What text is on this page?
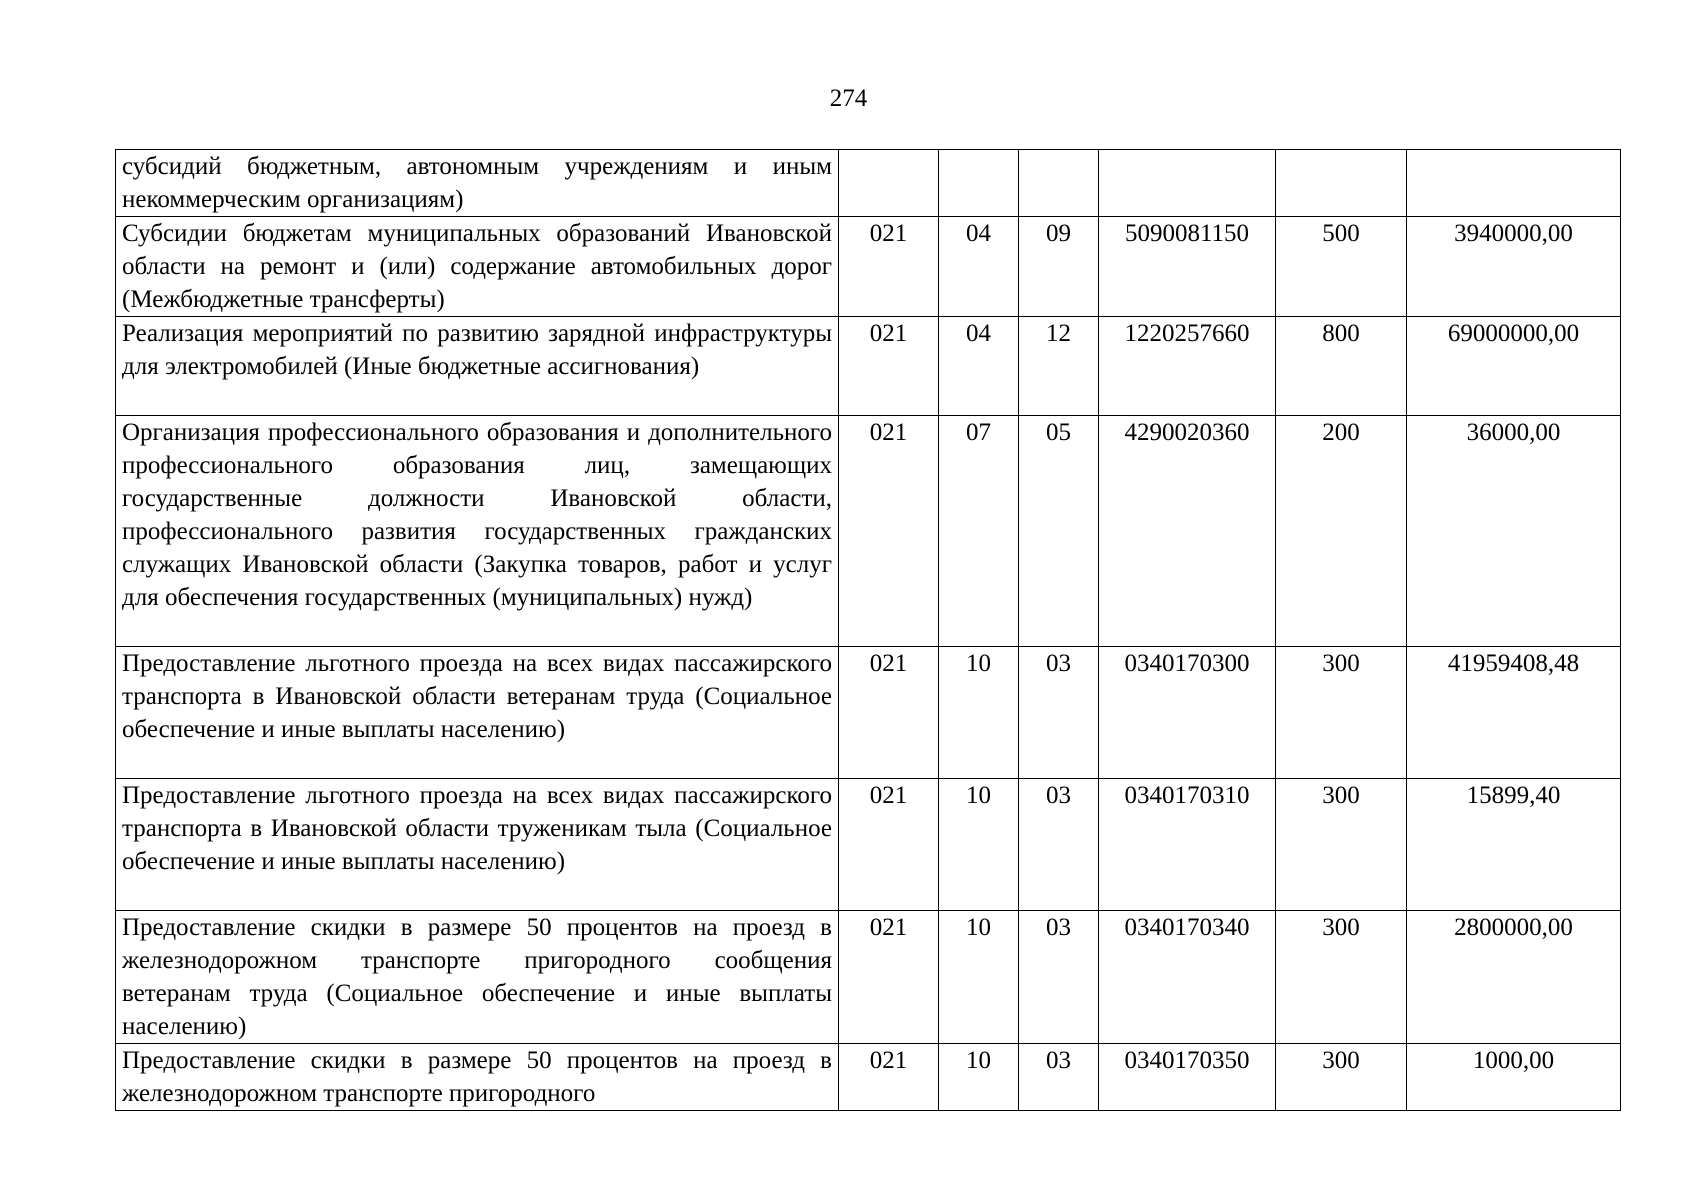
274
субсидий бюджетным, автономным учреждениям и иным некоммерческим организациям)						
Субсидии бюджетам муниципальных образований Ивановской области на ремонт и (или) содержание автомобильных дорог (Межбюджетные трансферты)	021	04	09	5090081150	500	3940000,00
Реализация мероприятий по развитию зарядной инфраструктуры для электромобилей (Иные бюджетные ассигнования)	021	04	12	1220257660	800	69000000,00
Организация профессионального образования и дополнительного профессионального образования лиц, замещающих государственные должности Ивановской области, профессионального развития государственных гражданских служащих Ивановской области (Закупка товаров, работ и услуг для обеспечения государственных (муниципальных) нужд)	021	07	05	4290020360	200	36000,00
Предоставление льготного проезда на всех видах пассажирского транспорта в Ивановской области ветеранам труда (Социальное обеспечение и иные выплаты населению)	021	10	03	0340170300	300	41959408,48
Предоставление льготного проезда на всех видах пассажирского транспорта в Ивановской области труженикам тыла (Социальное обеспечение и иные выплаты населению)	021	10	03	0340170310	300	15899,40
Предоставление скидки в размере 50 процентов на проезд в железнодорожном транспорте пригородного сообщения ветеранам труда (Социальное обеспечение и иные выплаты населению)	021	10	03	0340170340	300	2800000,00
Предоставление скидки в размере 50 процентов на проезд в железнодорожном транспорте пригородного	021	10	03	0340170350	300	1000,00
